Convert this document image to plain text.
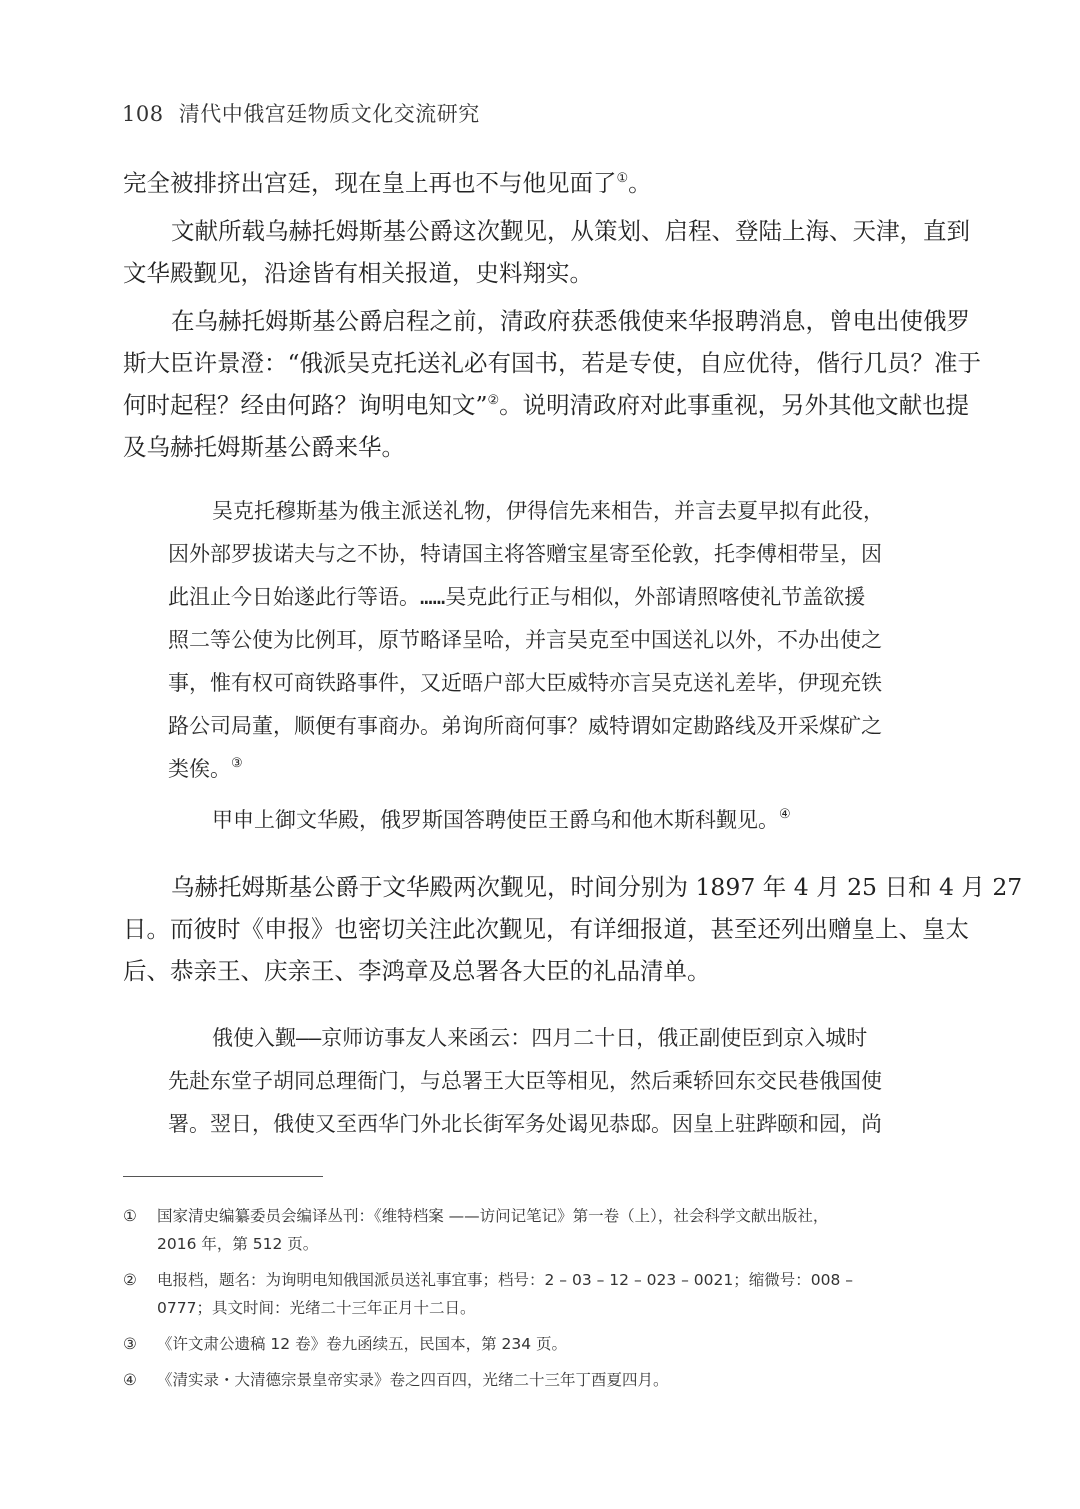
108 清代中俄宫廷物质文化交流研究
完全被排挤出宫廷，现在皇上再也不与他见面了①。
文献所载乌赫托姆斯基公爵这次觐见，从策划、启程、登陆上海、天津，直到
文华殿觐见，沿途皆有相关报道，史料翔实。
在乌赫托姆斯基公爵启程之前，清政府获悉俄使来华报聘消息，曾电出使俄罗
斯大臣许景澄：“俄派吴克托送礼必有国书，若是专使，自应优待，偕行几员？准于
何时起程？经由何路？询明电知文”②。说明清政府对此事重视，另外其他文献也提
及乌赫托姆斯基公爵来华。
吴克托穆斯基为俄主派送礼物，伊得信先来相告，并言去夏早拟有此役，
因外部罗拔诺夫与之不协，特请国主将答赠宝星寄至伦敦，托李傅相带呈，因
此沮止今日始遂此行等语。……吴克此行正与相似，外部请照喀使礼节盖欲援
照二等公使为比例耳，原节略译呈哈，并言吴克至中国送礼以外，不办出使之
事，惟有权可商铁路事件，又近晤户部大臣威特亦言吴克送礼差毕，伊现充铁
路公司局董，顺便有事商办。弟询所商何事？威特谓如定勘路线及开采煤矿之
类俟。③
甲申上御文华殿，俄罗斯国答聘使臣王爵乌和他木斯科觐见。④
乌赫托姆斯基公爵于文华殿两次觐见，时间分别为 1897 年 4 月 25 日和 4 月 27
日。而彼时《申报》也密切关注此次觐见，有详细报道，甚至还列出赠皇上、皇太
后、恭亲王、庆亲王、李鸿章及总署各大臣的礼品清单。
俄使入觐——京师访事友人来函云：四月二十日，俄正副使臣到京入城时
先赴东堂子胡同总理衙门，与总署王大臣等相见，然后乘轿回东交民巷俄国使
署。翌日，俄使又至西华门外北长街军务处谒见恭邸。因皇上驻跸颐和园，尚
① 国家清史编纂委员会编译丛刊：《维特档案 ——访问记笔记》第一卷（上），社会科学文献出版社，
2016 年，第 512 页。
② 电报档，题名：为询明电知俄国派员送礼事宜事；档号：2 – 03 – 12 – 023 – 0021；缩微号：008 –
0777；具文时间：光绪二十三年正月十二日。
③ 《许文肃公遗稿 12 卷》卷九函续五，民国本，第 234 页。
④ 《清实录・大清德宗景皇帝实录》卷之四百四，光绪二十三年丁酉夏四月。
